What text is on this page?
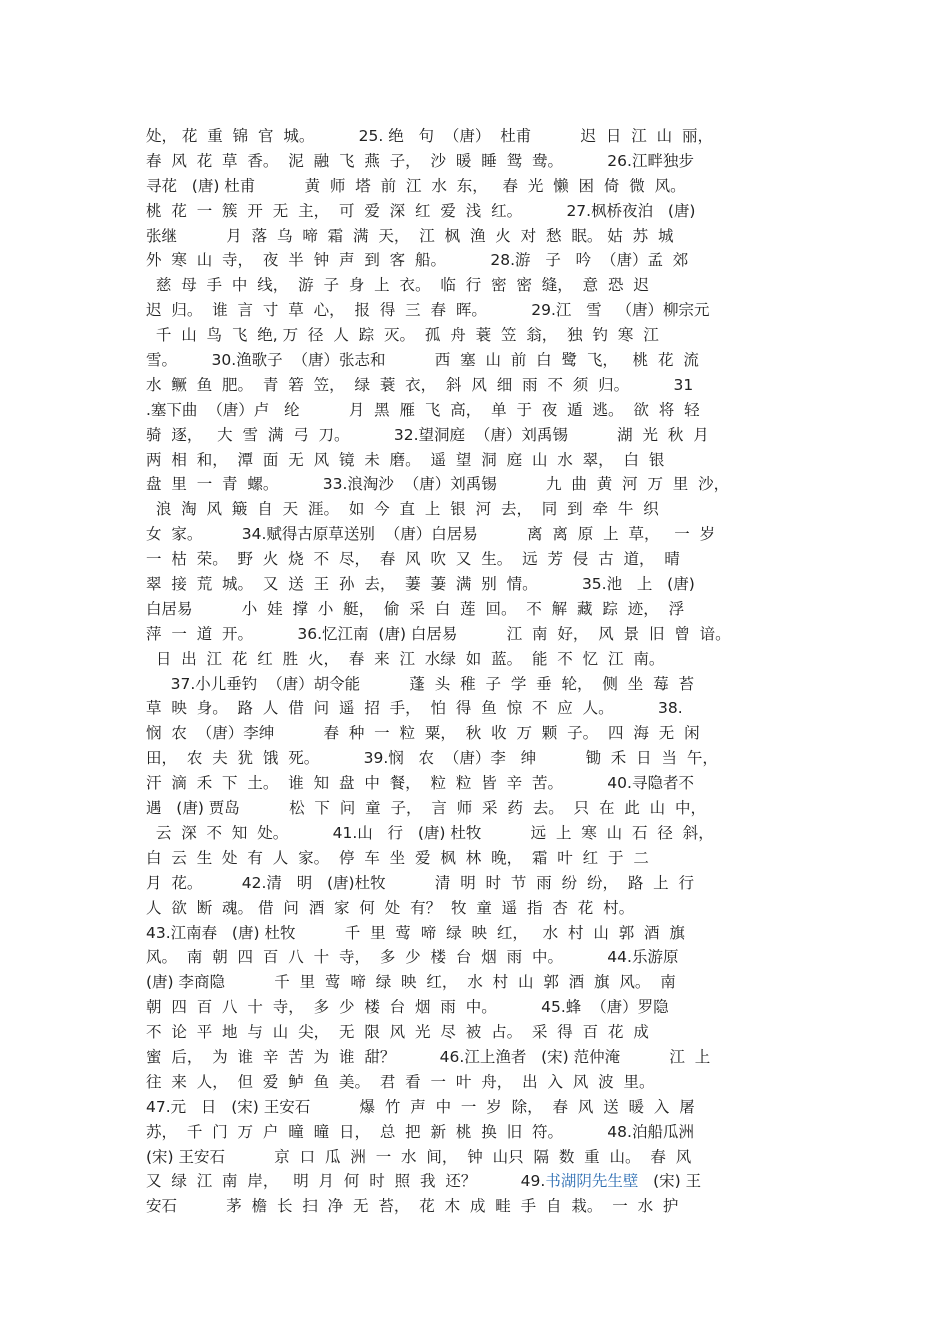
处， 花  重  锦  官  城。         25. 绝   句  （唐）  杜甫          迟  日  江  山  丽，
春  风  花  草  香。  泥  融  飞  燕  子，  沙  暖  睡  鸳  鸯。         26.江畔独步
寻花   (唐) 杜甫          黄  师  塔  前  江  水  东，   春  光  懒  困  倚  微  风。
桃  花  一  簇  开  无  主，  可  爱  深  红  爱  浅  红。         27.枫桥夜泊   (唐)
张继          月  落  乌  啼  霜  满  天，  江  枫  渔  火  对  愁  眠。 姑  苏  城
外  寒  山  寺，  夜  半  钟  声  到  客  船。         28.游   子   吟  （唐）孟  郊
慈  母  手  中  线，  游  子  身  上  衣。  临  行  密  密  缝，  意  恐  迟
迟  归。  谁  言  寸  草  心，  报  得  三  春  晖。         29.江   雪   （唐）柳宗元
千  山  鸟  飞  绝, 万  径  人  踪  灭。  孤  舟  蓑  笠  翁，  独  钓  寒  江
雪。       30.渔歌子  （唐）张志和          西  塞  山  前  白  鹭  飞，   桃  花  流
水  鳜  鱼  肥。  青  箬  笠，  绿  蓑  衣，  斜  风  细  雨  不  须  归。         31
.塞下曲  （唐）卢   纶          月  黑  雁  飞  高，  单  于  夜  遁  逃。  欲  将  轻
骑  逐，   大  雪  满  弓  刀。         32.望洞庭  （唐）刘禹锡          湖  光  秋  月
两  相  和，  潭  面  无  风  镜  未  磨。  遥  望  洞  庭  山  水  翠，  白  银
盘  里  一  青  螺。         33.浪淘沙  （唐）刘禹锡          九  曲  黄  河  万  里  沙，
浪  淘  风  簸  自  天  涯。  如  今  直  上  银  河  去，  同  到  牵  牛  织
女  家。        34.赋得古原草送别  （唐）白居易          离  离  原  上  草，   一  岁
一  枯  荣。  野  火  烧  不  尽，  春  风  吹  又  生。  远  芳  侵  古  道，  晴
翠  接  荒  城。  又  送  王  孙  去，  萋  萋  满  别  情。         35.池   上   (唐)
白居易          小  娃  撑  小  艇，  偷  采  白  莲  回。  不  解  藏  踪  迹，  浮
萍  一  道  开。         36.忆江南  (唐) 白居易          江  南  好，  风  景  旧  曾  谙。
日  出  江  花  红  胜  火，  春  来  江  水绿  如  蓝。  能  不  忆  江  南。
37.小儿垂钓  （唐）胡令能          蓬  头  稚  子  学  垂  轮，  侧  坐  莓  苔
草  映  身。  路  人  借  问  遥  招  手，  怕  得  鱼  惊  不  应  人。         38.
悯  农  （唐）李绅          春  种  一  粒  粟，  秋  收  万  颗  子。  四  海  无  闲
田，  农  夫  犹  饿  死。         39.悯   农  （唐）李   绅          锄  禾  日  当  午，
汗  滴  禾  下  土。  谁  知  盘  中  餐，  粒  粒  皆  辛  苦。         40.寻隐者不
遇   (唐) 贾岛          松  下  问  童  子，  言  师  采  药  去。  只  在  此  山  中，
云  深  不  知  处。         41.山   行   (唐) 杜牧          远  上  寒  山  石  径  斜，
白  云  生  处  有  人  家。  停  车  坐  爱  枫  林  晚，  霜  叶  红  于  二
月  花。        42.清   明   (唐)杜牧          清  明  时  节  雨  纷  纷，  路  上  行
人  欲  断  魂。 借  问  酒  家  何  处  有？  牧  童  遥  指  杏  花  村。
43.江南春   (唐) 杜牧          千  里  莺  啼  绿  映  红，   水  村  山  郭  酒  旗
风。  南  朝  四  百  八  十  寺，  多  少  楼  台  烟  雨  中。         44.乐游原
(唐) 李商隐          千  里  莺  啼  绿  映  红，  水  村  山  郭  酒  旗  风。  南
朝  四  百  八  十  寺，  多  少  楼  台  烟  雨  中。         45.蜂  （唐）罗隐
不  论  平  地  与  山  尖，  无  限  风  光  尽  被  占。  采  得  百  花  成
蜜  后，  为  谁  辛  苦  为  谁  甜？         46.江上渔者   (宋) 范仲淹          江  上
往  来  人，  但  爱  鲈  鱼  美。  君  看  一  叶  舟，  出  入  风  波  里。
47.元   日   (宋) 王安石          爆  竹  声  中  一  岁  除，  春  风  送  暖  入  屠
苏，  千  门  万  户  曈  曈  日，  总  把  新  桃  换  旧  符。         48.泊船瓜洲
(宋) 王安石          京  口  瓜  洲  一  水  间，  钟  山只  隔  数  重  山。  春  风
又  绿  江  南  岸，   明  月  何  时  照  我  还？         49.书湖阴先生壁   (宋) 王
安石          茅  檐  长  扫  净  无  苔，  花  木  成  畦  手  自  栽。  一  水  护
